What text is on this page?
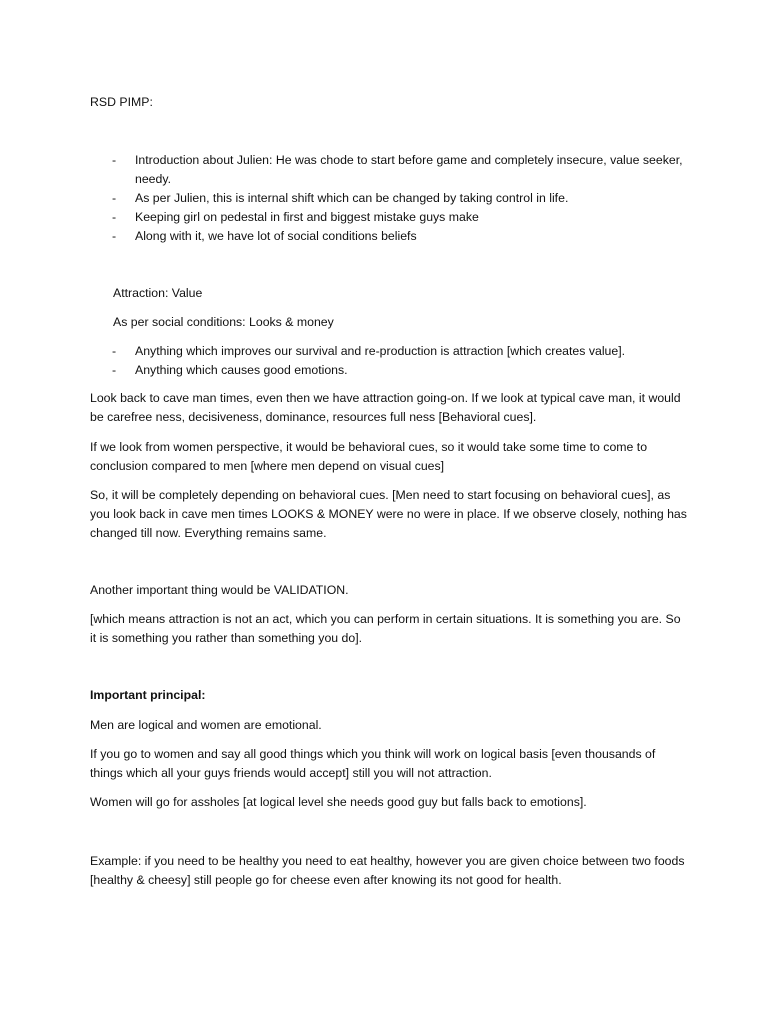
RSD PIMP:

- Introduction about Julien: He was chode to start before game and completely insecure, value seeker, needy.
- As per Julien, this is internal shift which can be changed by taking control in life.
- Keeping girl on pedestal in first and biggest mistake guys make
- Along with it, we have lot of social conditions beliefs

Attraction: Value

As per social conditions: Looks & money

- Anything which improves our survival and re-production is attraction [which creates value].
- Anything which causes good emotions.

Look back to cave man times, even then we have attraction going-on. If we look at typical cave man, it would be carefree ness, decisiveness, dominance, resources full ness [Behavioral cues].

If we look from women perspective, it would be behavioral cues, so it would take some time to come to conclusion compared to men [where men depend on visual cues]

So, it will be completely depending on behavioral cues. [Men need to start focusing on behavioral cues], as you look back in cave men times LOOKS & MONEY were no were in place. If we observe closely, nothing has changed till now. Everything remains same.

Another important thing would be VALIDATION.

[which means attraction is not an act, which you can perform in certain situations. It is something you are. So it is something you rather than something you do].

Important principal:

Men are logical and women are emotional.

If you go to women and say all good things which you think will work on logical basis [even thousands of things which all your guys friends would accept] still you will not attraction.

Women will go for assholes [at logical level she needs good guy but falls back to emotions].

Example: if you need to be healthy you need to eat healthy, however you are given choice between two foods [healthy & cheesy] still people go for cheese even after knowing its not good for health.
